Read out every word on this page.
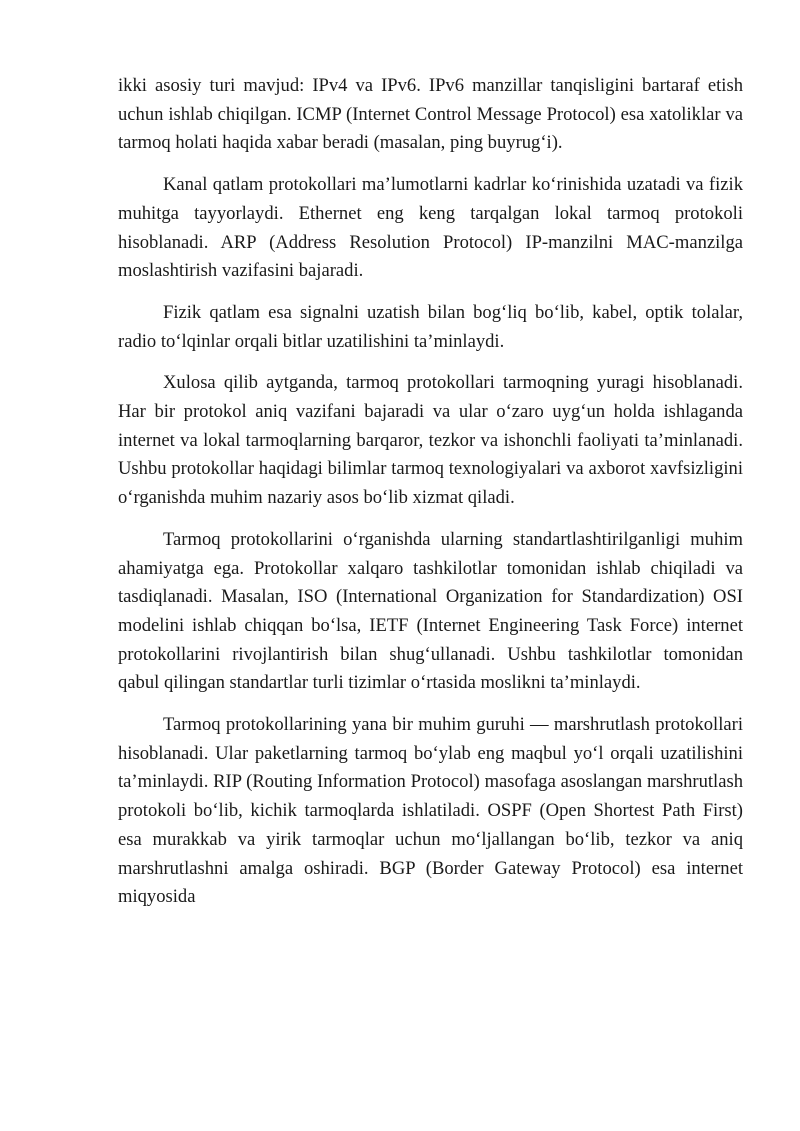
ikki asosiy turi mavjud: IPv4 va IPv6. IPv6 manzillar tanqisligini bartaraf etish uchun ishlab chiqilgan. ICMP (Internet Control Message Protocol) esa xatoliklar va tarmoq holati haqida xabar beradi (masalan, ping buyrug‘i).

Kanal qatlam protokollari ma’lumotlarni kadrlar ko‘rinishida uzatadi va fizik muhitga tayyorlaydi. Ethernet eng keng tarqalgan lokal tarmoq protokoli hisoblanadi. ARP (Address Resolution Protocol) IP-manzilni MAC-manzilga moslashtirish vazifasini bajaradi.

Fizik qatlam esa signalni uzatish bilan bog‘liq bo‘lib, kabel, optik tolalar, radio to‘lqinlar orqali bitlar uzatilishini ta’minlaydi.

Xulosa qilib aytganda, tarmoq protokollari tarmoqning yuragi hisoblanadi. Har bir protokol aniq vazifani bajaradi va ular o‘zaro uyg‘un holda ishlaganda internet va lokal tarmoqlarning barqaror, tezkor va ishonchli faoliyati ta’minlanadi. Ushbu protokollar haqidagi bilimlar tarmoq texnologiyalari va axborot xavfsizligini o‘rganishda muhim nazariy asos bo‘lib xizmat qiladi.

Tarmoq protokollarini o‘rganishda ularning standartlashtirilganligi muhim ahamiyatga ega. Protokollar xalqaro tashkilotlar tomonidan ishlab chiqiladi va tasdiqlanadi. Masalan, ISO (International Organization for Standardization) OSI modelini ishlab chiqqan bo‘lsa, IETF (Internet Engineering Task Force) internet protokollarini rivojlantirish bilan shug‘ullanadi. Ushbu tashkilotlar tomonidan qabul qilingan standartlar turli tizimlar o‘rtasida moslikni ta’minlaydi.

Tarmoq protokollarining yana bir muhim guruhi — marshrutlash protokollari hisoblanadi. Ular paketlarning tarmoq bo‘ylab eng maqbul yo‘l orqali uzatilishini ta’minlaydi. RIP (Routing Information Protocol) masofaga asoslangan marshrutlash protokoli bo‘lib, kichik tarmoqlarda ishlatiladi. OSPF (Open Shortest Path First) esa murakkab va yirik tarmoqlar uchun mo‘ljallangan bo‘lib, tezkor va aniq marshrutlashni amalga oshiradi. BGP (Border Gateway Protocol) esa internet miqyosida
